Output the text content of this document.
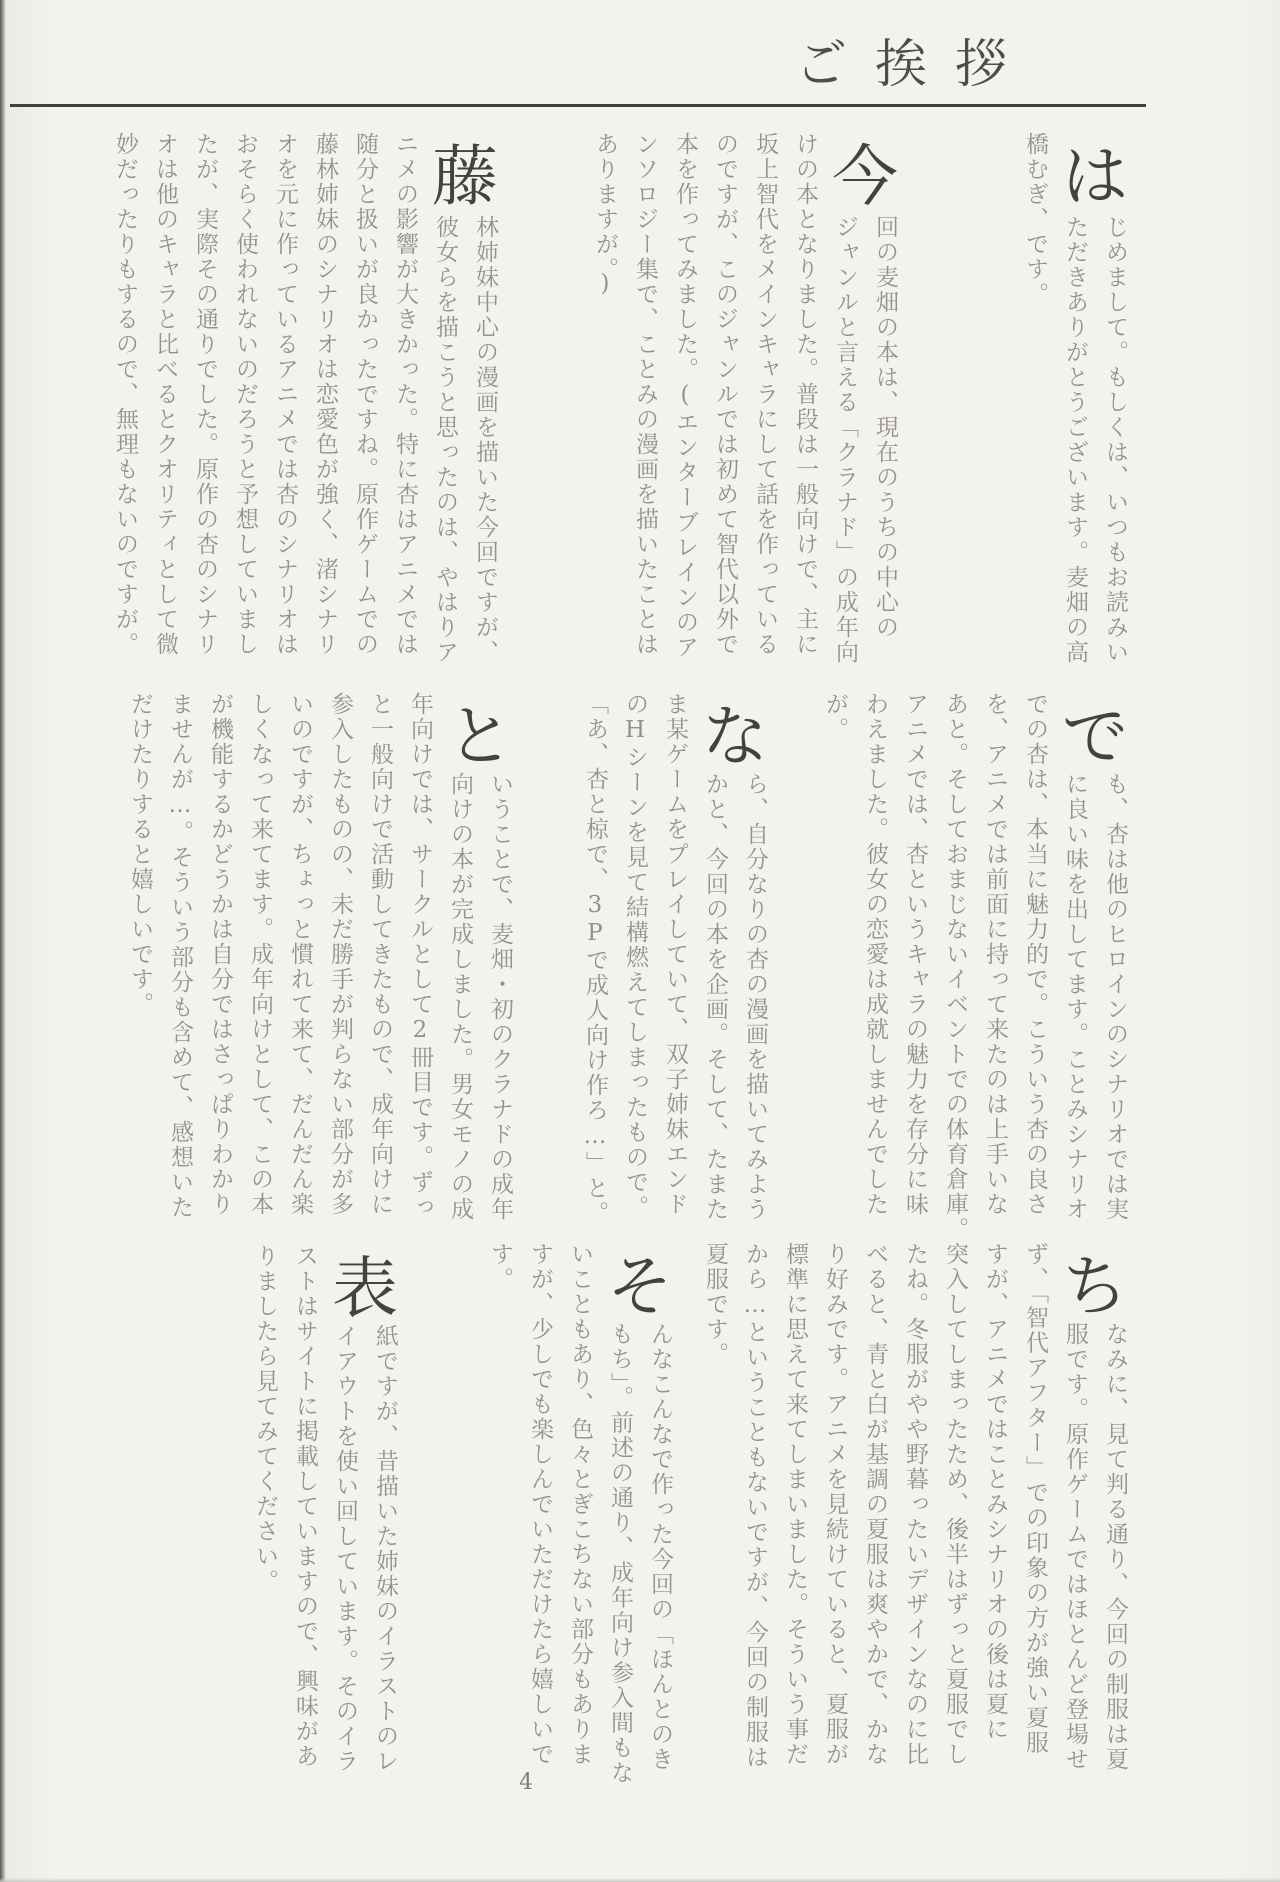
ご挨拶
は
じめまして。もしくは、いつもお読みい
ただきありがとうございます。麦畑の高
橋むぎ、です。
今
回の麦畑の本は、現在のうちの中心の
ジャンルと言える「クラナド」の成年向
けの本となりました。普段は一般向けで、主に
坂上智代をメインキャラにして話を作っている
のですが、このジャンルでは初めて智代以外で
本を作ってみました。(エンターブレインのア
ンソロジー集で、ことみの漫画を描いたことは
ありますが。)
藤
林姉妹中心の漫画を描いた今回ですが、
彼女らを描こうと思ったのは、やはりア
ニメの影響が大きかった。特に杏はアニメでは
随分と扱いが良かったですね。原作ゲームでの
藤林姉妹のシナリオは恋愛色が強く、渚シナリ
オを元に作っているアニメでは杏のシナリオは
おそらく使われないのだろうと予想していまし
たが、実際その通りでした。原作の杏のシナリ
オは他のキャラと比べるとクオリティとして微
妙だったりもするので、無理もないのですが。
で
も、杏は他のヒロインのシナリオでは実
に良い味を出してます。ことみシナリオ
での杏は、本当に魅力的で。こういう杏の良さ
を、アニメでは前面に持って来たのは上手いな
あと。そしておまじないイベントでの体育倉庫。
アニメでは、杏というキャラの魅力を存分に味
わえました。彼女の恋愛は成就しませんでした
が。
な
ら、自分なりの杏の漫画を描いてみよう
かと、今回の本を企画。そして、たまた
ま某ゲームをプレイしていて、双子姉妹エンド
のHシーンを見て結構燃えてしまったもので。
「あ、杏と椋で、3Pで成人向け作ろ…」と。
と
いうことで、麦畑・初のクラナドの成年
向けの本が完成しました。男女モノの成
年向けでは、サークルとして2冊目です。ずっ
と一般向けで活動してきたもので、成年向けに
参入したものの、未だ勝手が判らない部分が多
いのですが、ちょっと慣れて来て、だんだん楽
しくなって来てます。成年向けとして、この本
が機能するかどうかは自分ではさっぱりわかり
ませんが…。そういう部分も含めて、感想いた
だけたりすると嬉しいです。
ち
なみに、見て判る通り、今回の制服は夏
服です。原作ゲームではほとんど登場せ
ず、「智代アフター」での印象の方が強い夏服
すが、アニメではことみシナリオの後は夏に
突入してしまったため、後半はずっと夏服でし
たね。冬服がやや野暮ったいデザインなのに比
べると、青と白が基調の夏服は爽やかで、かな
り好みです。アニメを見続けていると、夏服が
標準に思えて来てしまいました。そういう事だ
から…ということもないですが、今回の制服は
夏服です。
そ
んなこんなで作った今回の「ほんとのき
もち」。前述の通り、成年向け参入間もな
いこともあり、色々とぎこちない部分もありま
すが、少しでも楽しんでいただけたら嬉しいで
す。
表
紙ですが、昔描いた姉妹のイラストのレ
イアウトを使い回しています。そのイラ
ストはサイトに掲載していますので、興味があ
りましたら見てみてください。
4
